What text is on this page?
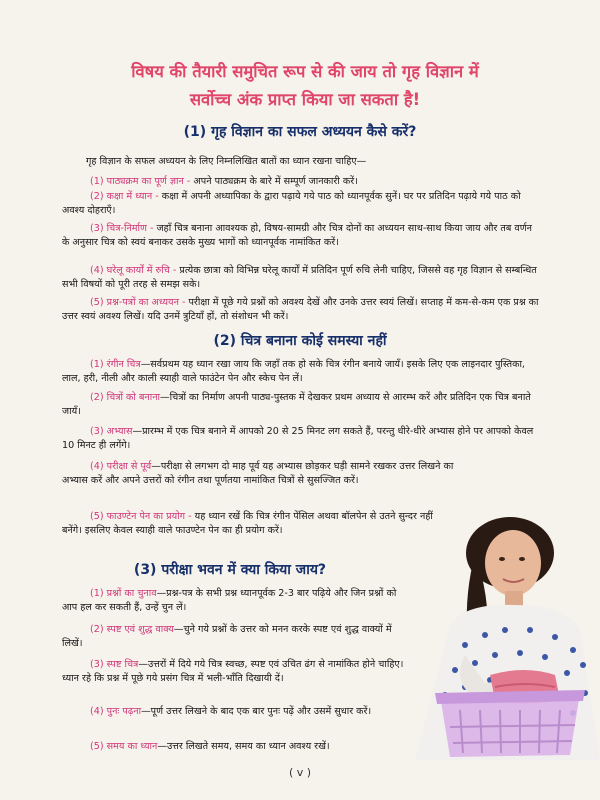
विषय की तैयारी समुचित रूप से की जाय तो गृह विज्ञान में
सर्वोच्च अंक प्राप्त किया जा सकता है!
(1) गृह विज्ञान का सफल अध्ययन कैसे करें?
गृह विज्ञान के सफल अध्ययन के लिए निम्नलिखित बातों का ध्यान रखना चाहिए—

(1) पाठ्यक्रम का पूर्ण ज्ञान - अपने पाठ्यक्रम के बारे में सम्पूर्ण जानकारी करें।

(2) कक्षा में ध्यान - कक्षा में अपनी अध्यापिका के द्वारा पढ़ाये गये पाठ को ध्यानपूर्वक सुनें। घर पर प्रतिदिन पढ़ाये गये पाठ को अवश्य दोहराएँ।

(3) चित्र-निर्माण - जहाँ चित्र बनाना आवश्यक हो, विषय-सामग्री और चित्र दोनों का अध्ययन साथ-साथ किया जाय और तब वर्णन के अनुसार चित्र को स्वयं बनाकर उसके मुख्य भागों को ध्यानपूर्वक नामांकित करें।

(4) घरेलू कार्यों में रुचि - प्रत्येक छात्रा को विभिन्न घरेलू कार्यों में प्रतिदिन पूर्ण रुचि लेनी चाहिए, जिससे वह गृह विज्ञान से सम्बन्धित सभी विषयों को पूरी तरह से समझ सके।

(5) प्रश्न-पत्रों का अध्ययन - परीक्षा में पूछे गये प्रश्नों को अवश्य देखें और उनके उत्तर स्वयं लिखें। सप्ताह में कम-से-कम एक प्रश्न का उत्तर स्वयं अवश्य लिखें। यदि उनमें त्रुटियाँ हों, तो संशोधन भी करें।

(2) चित्र बनाना कोई समस्या नहीं

(1) रंगीन चित्र—सर्वप्रथम यह ध्यान रखा जाय कि जहाँ तक हो सके चित्र रंगीन बनाये जायँ। इसके लिए एक लाइनदार पुस्तिका, लाल, हरी, नीली और काली स्याही वाले फाउंटेन पेन और स्केच पेन लें।

(2) चित्रों को बनाना—चित्रों का निर्माण अपनी पाठ्य-पुस्तक में देखकर प्रथम अध्याय से आरम्भ करें और प्रतिदिन एक चित्र बनाते जायँ।

(3) अभ्यास—प्रारम्भ में एक चित्र बनाने में आपको 20 से 25 मिनट लग सकते हैं, परन्तु धीरे-धीरे अभ्यास होने पर आपको केवल 10 मिनट ही लगेंगे।

(4) परीक्षा से पूर्व—परीक्षा से लगभग दो माह पूर्व यह अभ्यास छोड़कर घड़ी सामने रखकर उत्तर लिखने का अभ्यास करें और अपने उत्तरों को रंगीन तथा पूर्णतया नामांकित चित्रों से सुसज्जित करें।

(5) फाउण्टेन पेन का प्रयोग - यह ध्यान रखें कि चित्र रंगीन पेंसिल अथवा बॉलपेन से उतने सुन्दर नहीं बनेंगे। इसलिए केवल स्याही वाले फाउण्टेन पेन का ही प्रयोग करें।

(3) परीक्षा भवन में क्या किया जाय?

(1) प्रश्नों का चुनाव—प्रश्न-पत्र के सभी प्रश्न ध्यानपूर्वक 2-3 बार पढ़िये और जिन प्रश्नों को आप हल कर सकती हैं, उन्हें चुन लें।

(2) स्पष्ट एवं शुद्ध वाक्य—चुने गये प्रश्नों के उत्तर को मनन करके स्पष्ट एवं शुद्ध वाक्यों में लिखें।

(3) स्पष्ट चित्र—उत्तरों में दिये गये चित्र स्वच्छ, स्पष्ट एवं उचित ढंग से नामांकित होने चाहिए। ध्यान रहे कि प्रश्न में पूछे गये प्रसंग चित्र में भली-भाँति दिखायी दें।

(4) पुनः पढ़ना—पूर्ण उत्तर लिखने के बाद एक बार पुनः पढ़ें और उसमें सुधार करें।

(5) समय का ध्यान—उत्तर लिखते समय, समय का ध्यान अवश्य रखें।

( v )
